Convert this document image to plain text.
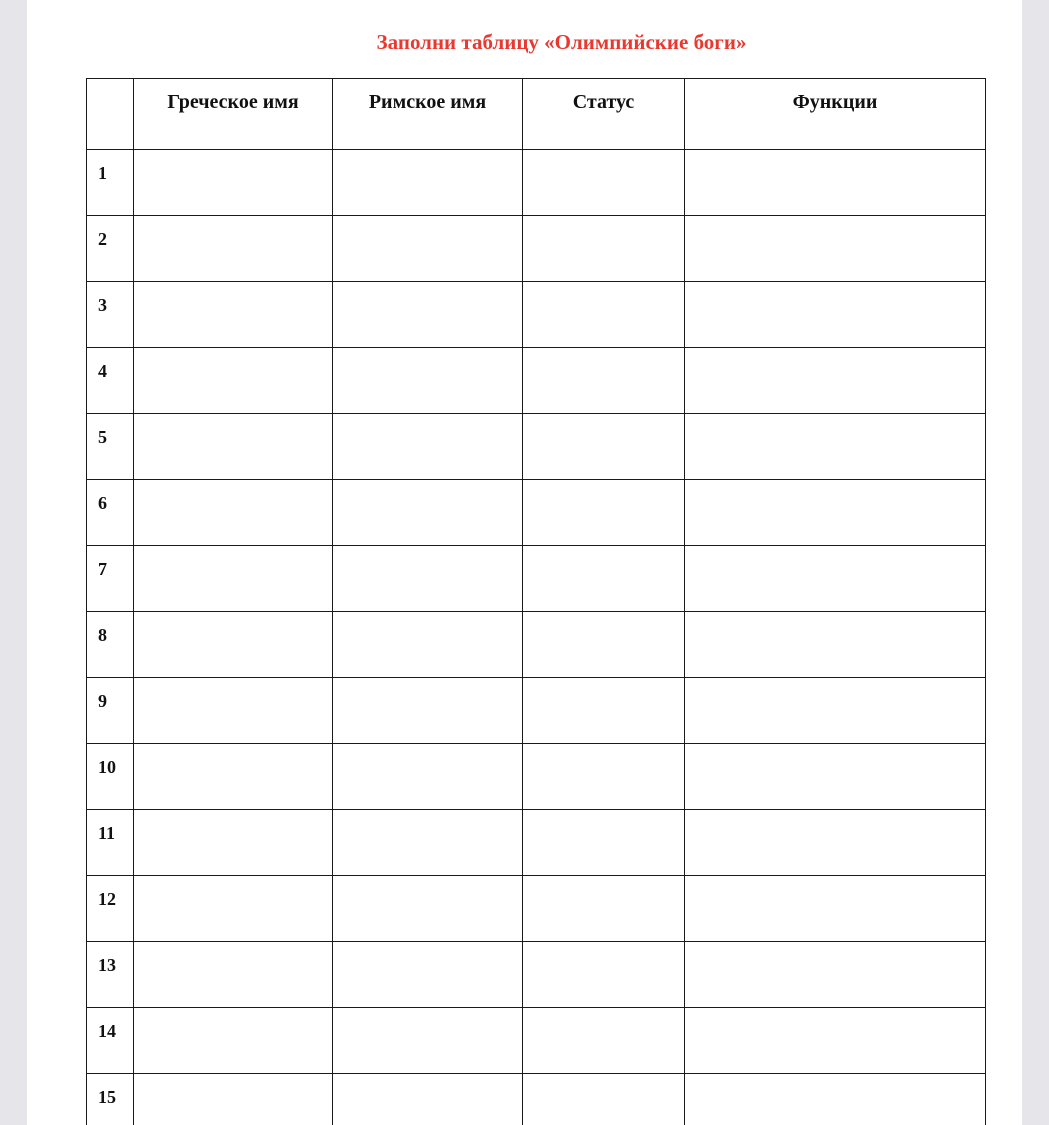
Заполни таблицу «Олимпийские боги»
	Греческое имя	Римское имя	Статус	Функции
1				
2				
3				
4				
5				
6				
7				
8				
9				
10				
11				
12				
13				
14				
15				
